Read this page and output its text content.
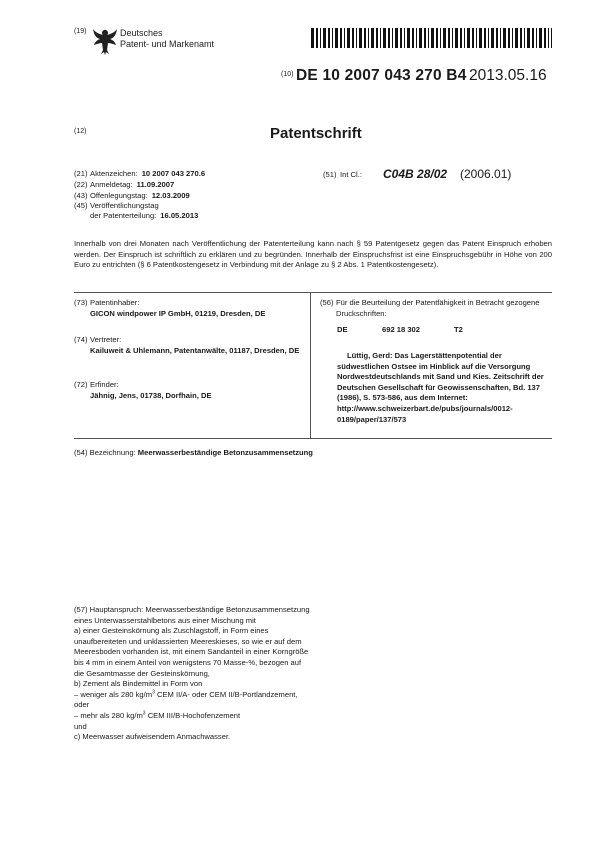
(19)	Deutsches
Patent- und Markenamt
(10) DE 10 2007 043 270 B4 2013.05.16
(12)	Patentschrift
(21) Aktenzeichen: 10 2007 043 270.6
(22) Anmeldetag: 11.09.2007
(43) Offenlegungstag: 12.03.2009
(45) Veröffentlichungstag
der Patenterteilung: 16.05.2013
(51) Int Cl.: C04B 28/02 (2006.01)
Innerhalb von drei Monaten nach Veröffentlichung der Patenterteilung kann nach § 59 Patentgesetz gegen das Patent Einspruch erhoben werden. Der Einspruch ist schriftlich zu erklären und zu begründen. Innerhalb der Einspruchsfrist ist eine Einspruchsgebühr in Höhe von 200 Euro zu entrichten (§ 6 Patentkostengesetz in Verbindung mit der Anlage zu § 2 Abs. 1 Patentkostengesetz).
(73) Patentinhaber:
GICON windpower IP GmbH, 01219, Dresden, DE
(74) Vertreter:
Kailuweit & Uhlemann, Patentanwälte, 01187, Dresden, DE
(72) Erfinder:
Jähnig, Jens, 01738, Dorfhain, DE
(56) Für die Beurteilung der Patentfähigkeit in Betracht gezogene Druckschriften:
DE	692 18 302	T2
Lüttig, Gerd: Das Lagerstättenpotential der südwestlichen Ostsee im Hinblick auf die Versorgung Nordwestdeutschlands mit Sand und Kies. Zeitschrift der Deutschen Gesellschaft für Geowissenschaften, Bd. 137 (1986), S. 573-586, aus dem Internet: http://www.schweizerbart.de/pubs/journals/0012-0189/paper/137/573
(54) Bezeichnung: Meerwasserbeständige Betonzusammensetzung

(57) Hauptanspruch: Meerwasserbeständige Betonzusammensetzung eines Unterwasserstahlbetons aus einer Mischung mit

a) einer Gesteinskörnung als Zuschlagstoff, in Form eines unaufbereiteten und unklassierten Meereskieses, so wie er auf dem Meeresboden vorhanden ist, mit einem Sandanteil in einer Korngröße bis 4 mm in einem Anteil von wenigstens 70 Masse-%, bezogen auf die Gesamtmasse der Gesteinskörnung,

b) Zement als Bindemittel in Form von

– weniger als 280 $kg/m^3$ CEM II/A- oder CEM II/B-Portlandzement,

oder

– mehr als 280 $kg/m^3$ CEM III/B-Hochofenzement

und

c) Meerwasser aufweisendem Anmachwasser.
